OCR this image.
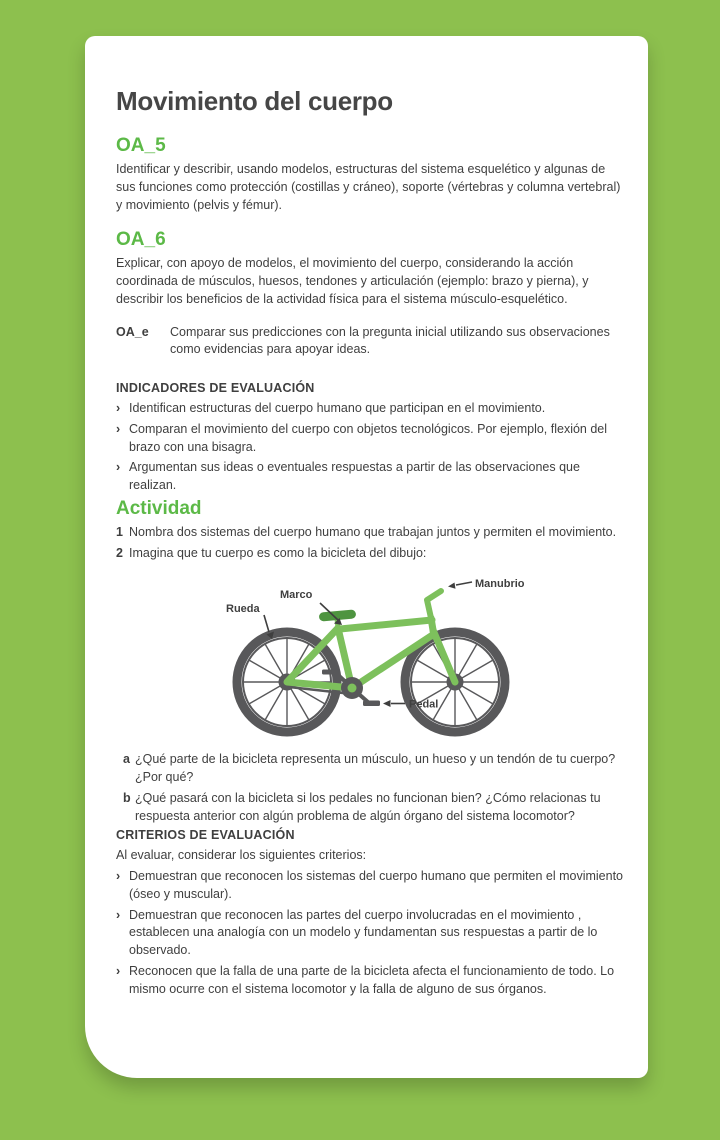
Movimiento del cuerpo
OA_5

Identificar y describir, usando modelos, estructuras del sistema esquelético y algunas de sus funciones como protección (costillas y cráneo), soporte (vértebras y columna vertebral) y movimiento (pelvis y fémur).

OA_6

Explicar, con apoyo de modelos, el movimiento del cuerpo, considerando la acción coordinada de músculos, huesos, tendones y articulación (ejemplo: brazo y pierna), y describir los beneficios de la actividad física para el sistema músculo-esquelético.

OA_e	Comparar sus predicciones con la pregunta inicial utilizando sus observaciones como evidencias para apoyar ideas.
INDICADORES DE EVALUACIÓN
› Identifican estructuras del cuerpo humano que participan en el movimiento.
› Comparan el movimiento del cuerpo con objetos tecnológicos. Por ejemplo, flexión del brazo con una bisagra.
› Argumentan sus ideas o eventuales respuestas a partir de las observaciones que realizan.
Actividad
1 Nombra dos sistemas del cuerpo humano que trabajan juntos y permiten el movimiento.
2 Imagina que tu cuerpo es como la bicicleta del dibujo:
Rueda
Marco
Manubrio
Pedal
a ¿Qué parte de la bicicleta representa un músculo, un hueso y un tendón de tu cuerpo? ¿Por qué?
b ¿Qué pasará con la bicicleta si los pedales no funcionan bien? ¿Cómo relacionas tu respuesta anterior con algún problema de algún órgano del sistema locomotor?
CRITERIOS DE EVALUACIÓN

Al evaluar, considerar los siguientes criterios:

› Demuestran que reconocen los sistemas del cuerpo humano que permiten el movimiento (óseo y muscular).
› Demuestran que reconocen las partes del cuerpo involucradas en el movimiento , establecen una analogía con un modelo y fundamentan sus respuestas a partir de lo observado.
› Reconocen que la falla de una parte de la bicicleta afecta el funcionamiento de todo. Lo mismo ocurre con el sistema locomotor y la falla de alguno de sus órganos.
